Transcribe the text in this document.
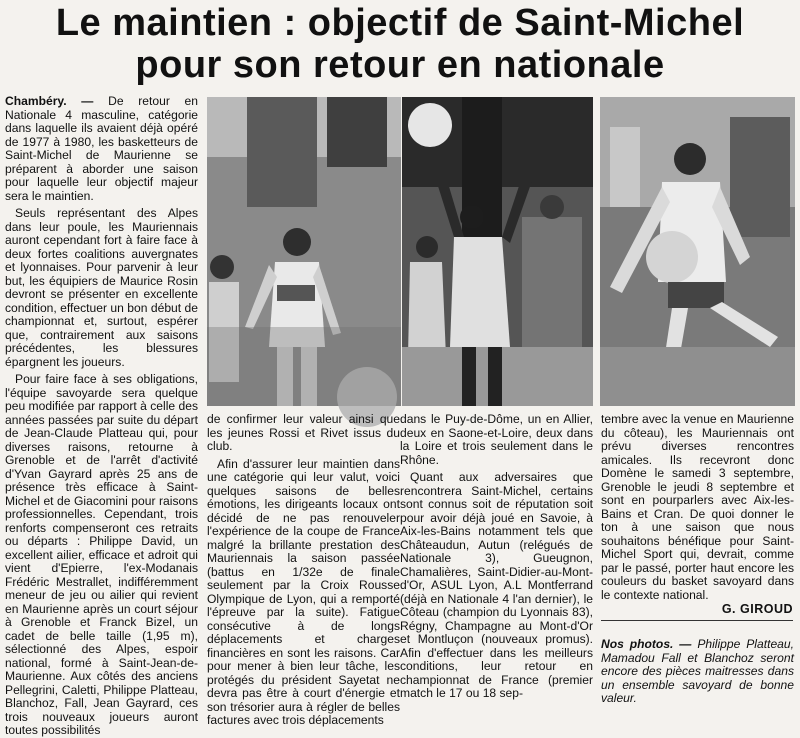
Le maintien : objectif de Saint-Michel
pour son retour en nationale

Chambéry. — De retour en Nationale 4 masculine, catégorie dans laquelle ils avaient déjà opéré de 1977 à 1980, les basketteurs de Saint-Michel de Maurienne se préparent à aborder une saison pour laquelle leur objectif majeur sera le maintien.

Seuls représentant des Alpes dans leur poule, les Mauriennais auront cependant fort à faire face à deux fortes coalitions auvergnates et lyonnaises. Pour parvenir à leur but, les équipiers de Maurice Rosin devront se présenter en excellente condition, effectuer un bon début de championnat et, surtout, espérer que, contrairement aux saisons précédentes, les blessures épargnent les joueurs.

Pour faire face à ses obligations, l'équipe savoyarde sera quelque peu modifiée par rapport à celle des années passées par suite du départ de Jean-Claude Platteau qui, pour diverses raisons, retourne à Grenoble et de l'arrêt d'activité d'Yvan Gayrard après 25 ans de présence très efficace à Saint-Michel et de Giacomini pour raisons professionnelles. Cependant, trois renforts compenseront ces retraits ou départs : Philippe David, un excellent ailier, efficace et adroit qui vient d'Epierre, l'ex-Modanais Frédéric Mestrallet, indifféremment meneur de jeu ou ailier qui revient en Maurienne après un court séjour à Grenoble et Franck Bizel, un cadet de belle taille (1,95 m), sélectionné des Alpes, espoir national, formé à Saint-Jean-de-Maurienne. Aux côtés des anciens Pellegrini, Caletti, Philippe Platteau, Blanchoz, Fall, Jean Gayrard, ces trois nouveaux joueurs auront toutes possibilités

de confirmer leur valeur ainsi que les jeunes Rossi et Rivet issus du club.

Afin d'assurer leur maintien dans une catégorie qui leur valut, voici quelques saisons de belles émotions, les dirigeants locaux ont décidé de ne pas renouveler l'expérience de la coupe de France malgré la brillante prestation des Mauriennais la saison passée (battus en 1/32e de finale seulement par la Croix Rousse Olympique de Lyon, qui a remporté l'épreuve par la suite). Fatigue consécutive à de longs déplacements et charges financières en sont les raisons. Car pour mener à bien leur tâche, les protégés du président Sayetat ne devra pas être à court d'énergie et son trésorier aura à régler de belles factures avec trois déplacements

dans le Puy-de-Dôme, un en Allier, deux en Saone-et-Loire, deux dans la Loire et trois seulement dans le Rhône.

Quant aux adversaires que rencontrera Saint-Michel, certains sont connus soit de réputation soit pour avoir déjà joué en Savoie, à Aix-les-Bains notamment tels que Châteaudun, Autun (relégués de Nationale 3), Gueugnon, Chamalières, Saint-Didier-au-Mont-d'Or, ASUL Lyon, A.L Montferrand (déjà en Nationale 4 l'an dernier), le Côteau (champion du Lyonnais 83), Régny, Champagne au Mont-d'Or et Montluçon (nouveaux promus). Afin d'effectuer dans les meilleurs conditions, leur retour en championnat de France (premier match le 17 ou 18 sep-

tembre avec la venue en Maurienne du côteau), les Mauriennais ont prévu diverses rencontres amicales. Ils recevront donc Domène le samedi 3 septembre, Grenoble le jeudi 8 septembre et sont en pourparlers avec Aix-les-Bains et Cran. De quoi donner le ton à une saison que nous souhaitons bénéfique pour Saint-Michel Sport qui, devrait, comme par le passé, porter haut encore les couleurs du basket savoyard dans le contexte national.

G. GIROUD
Nos photos. — Philippe Platteau, Mamadou Fall et Blanchoz seront encore des pièces maitresses dans un ensemble savoyard de bonne valeur.
